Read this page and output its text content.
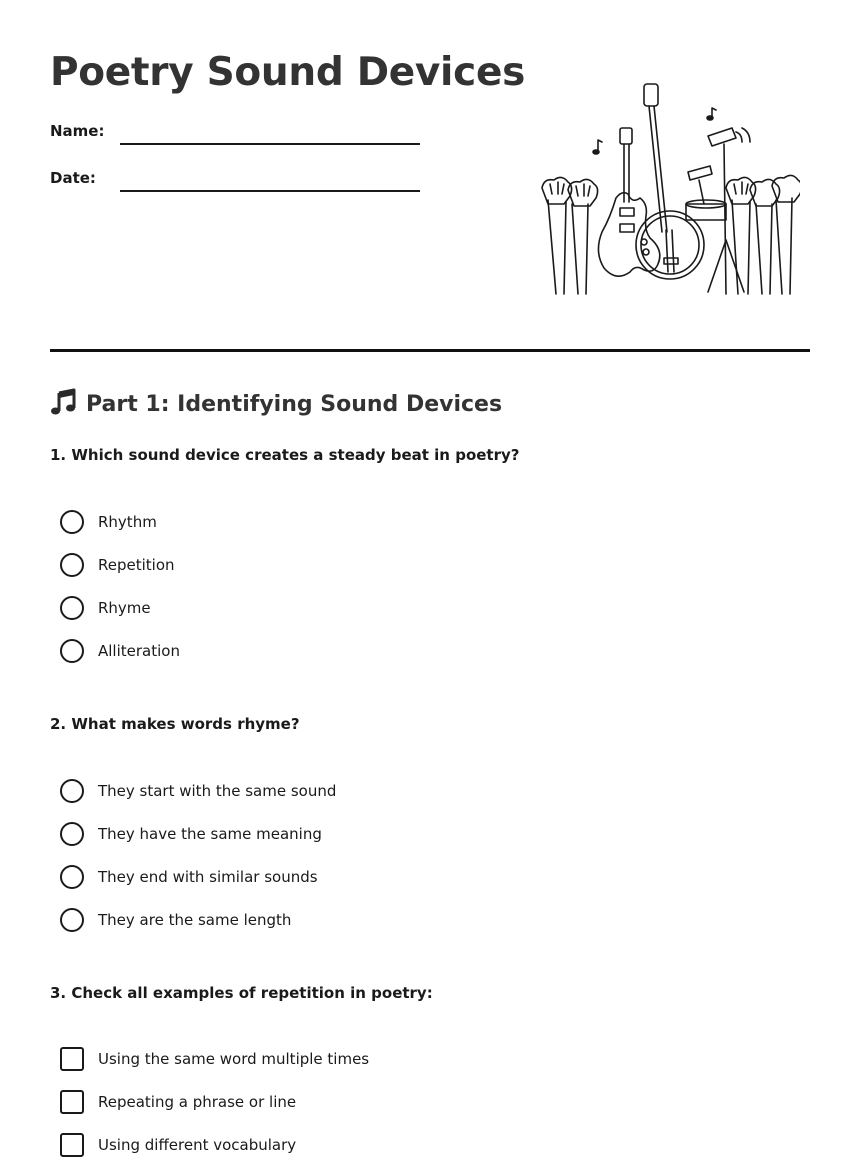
Poetry Sound Devices
Name:
Date:
Part 1: Identifying Sound Devices

1. Which sound device creates a steady beat in poetry?

Rhythm
Repetition
Rhyme
Alliteration

2. What makes words rhyme?

They start with the same sound
They have the same meaning
They end with similar sounds
They are the same length

3. Check all examples of repetition in poetry:

Using the same word multiple times
Repeating a phrase or line
Using different vocabulary
